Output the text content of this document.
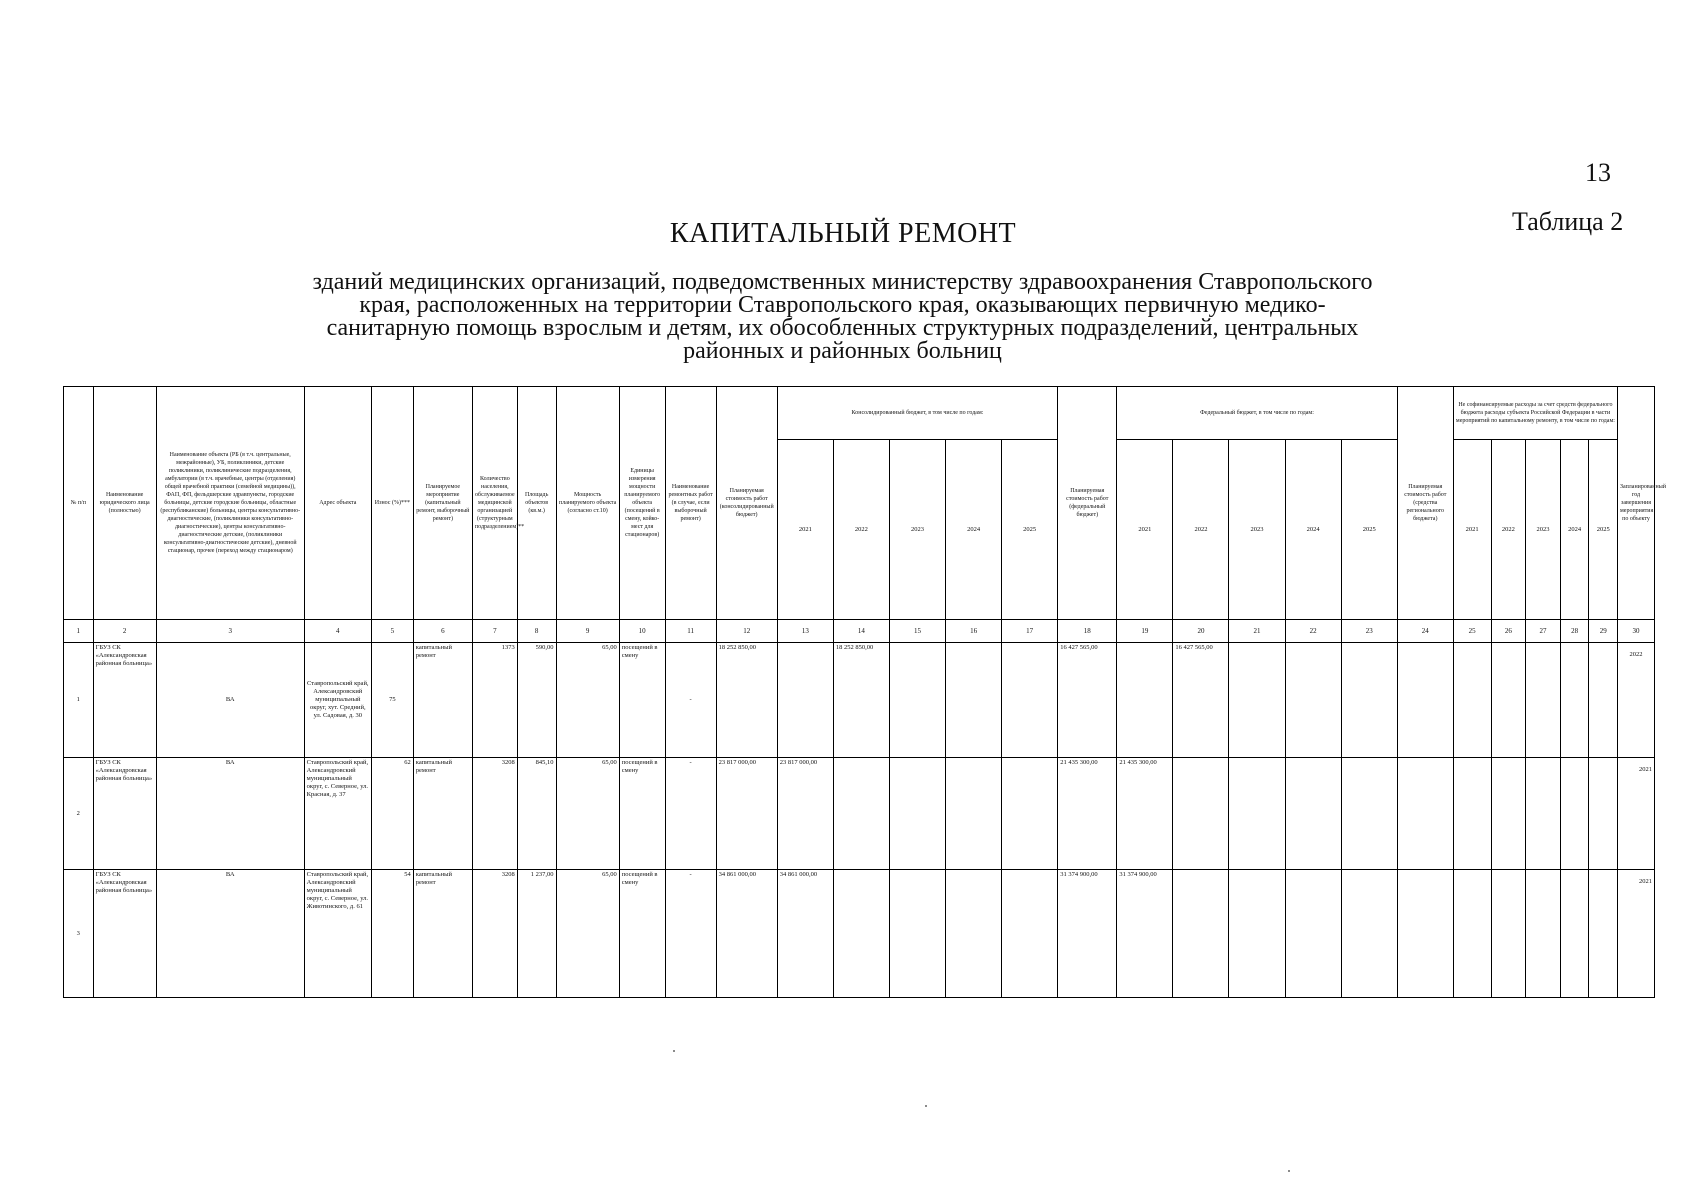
13
Таблица 2
КАПИТАЛЬНЫЙ РЕМОНТ
зданий медицинских организаций, подведомственных министерству здравоохранения Ставропольского края, расположенных на территории Ставропольского края, оказывающих первичную медико-санитарную помощь взрослым и детям, их обособленных структурных подразделений, центральных районных и районных больниц
№ п/п	Наименование юридического лица (полностью)	Наименование объекта (РБ (в т.ч. центральные, межрайонные), УБ, поликлиники, детские поликлиники, поликлинические подразделения, амбулатории (в т.ч. врачебные, центры (отделения) общей врачебной практики (семейной медицины)), ФАП, ФП, фельдшерские здравпункты, городские больницы, детские городские больницы, областные (республиканские) больницы, центры консультативно-диагностические, (поликлиники консультативно-диагностические), центры консультативно-диагностические детские, (поликлиники консультативно-диагностические детские), дневной стационар, прочее (переход между стационаром)	Адрес объекта	Износ (%)***	Планируемое мероприятие (капитальный ремонт, выборочный ремонт)	Количество населения, обслуживаемое медицинской организацией (структурным подразделением)**	Площадь объектов (кв.м.)	Мощность планируемого объекта (согласно ст.10)	Единицы измерения мощности планируемого объекта (посещений в смену, койко-мест для стационаров)	Наименование ремонтных работ (в случае, если выборочный ремонт)	Планируемая стоимость работ (консолидированный бюджет)	Консолидированный бюджет, в том числе по годам:					Планируемая стоимость работ (федеральный бюджет)	Федеральный бюджет, в том числе по годам:					Планируемая стоимость работ (средства регионального бюджета)	Не софинансируемые расходы за счет средств федерального бюджета расходы субъекта Российской Федерации в части мероприятий по капитальному ремонту, в том числе по годам:					Запланированный год завершения мероприятия по объекту
												2021	2022	2023	2024	2025		2021	2022	2023	2024	2025		2021	2022	2023	2024	2025	
1	2	3	4	5	6	7	8	9	10	11	12	13	14	15	16	17	18	19	20	21	22	23	24	25	26	27	28	29	30
1	ГБУЗ СК «Александровская районная больница»	ВА	Ставропольский край, Александровский муниципальный округ, хут. Средний, ул. Садовая, д. 30	75	капитальный ремонт	1373	590,00	65,00	посещений в смену	-	18 252 850,00		18 252 850,00				16 427 565,00		16 427 565,00										2022
2	ГБУЗ СК «Александровская районная больница»	ВА	Ставропольский край, Александровский муниципальный округ, с. Северное, ул. Красная, д. 37	62	капитальный ремонт	3208	845,10	65,00	посещений в смену	-	23 817 000,00	23 817 000,00					21 435 300,00	21 435 300,00											2021
3	ГБУЗ СК «Александровская районная больница»	ВА	Ставропольский край, Александровский муниципальный округ, с. Северное, ул. Животинского, д. 61	54	капитальный ремонт	3208	1 237,00	65,00	посещений в смену	-	34 861 000,00	34 861 000,00					31 374 900,00	31 374 900,00											2021
